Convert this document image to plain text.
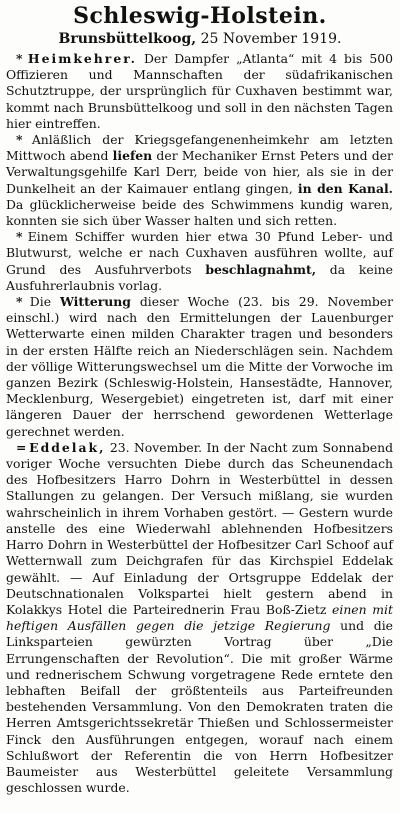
Schleswig-Holstein.
Brunsbüttelkoog, 25 November 1919.

* Heimkehrer. Der Dampfer „Atlanta“ mit 4 bis 500 Offizieren und Mannschaften der südafrikanischen Schutztruppe, der ursprünglich für Cuxhaven bestimmt war, kommt nach Brunsbüttelkoog und soll in den nächsten Tagen hier eintreffen.

* Anläßlich der Kriegsgefangenenheimkehr am letzten Mittwoch abend liefen der Mechaniker Ernst Peters und der Verwaltungsgehilfe Karl Derr, beide von hier, als sie in der Dunkelheit an der Kaimauer entlang gingen, in den Kanal. Da glücklicherweise beide des Schwimmens kundig waren, konnten sie sich über Wasser halten und sich retten.

* Einem Schiffer wurden hier etwa 30 Pfund Leber- und Blutwurst, welche er nach Cuxhaven ausführen wollte, auf Grund des Ausfuhrverbots beschlagnahmt, da keine Ausfuhrerlaubnis vorlag.

* Die Witterung dieser Woche (23. bis 29. November einschl.) wird nach den Ermittelungen der Lauenburger Wetterwarte einen milden Charakter tragen und besonders in der ersten Hälfte reich an Niederschlägen sein. Nachdem der völlige Witterungswechsel um die Mitte der Vorwoche im ganzen Bezirk (Schleswig-Holstein, Hansestädte, Hannover, Mecklenburg, Wesergebiet) eingetreten ist, darf mit einer längeren Dauer der herrschend gewordenen Wetterlage gerechnet werden.

= Eddelak, 23. November. In der Nacht zum Sonnabend voriger Woche versuchten Diebe durch das Scheunendach des Hofbesitzers Harro Dohrn in Westerbüttel in dessen Stallungen zu gelangen. Der Versuch mißlang, sie wurden wahrscheinlich in ihrem Vorhaben gestört. — Gestern wurde anstelle des eine Wiederwahl ablehnenden Hofbesitzers Harro Dohrn in Westerbüttel der Hofbesitzer Carl Schoof auf Wetternwall zum Deichgrafen für das Kirchspiel Eddelak gewählt. — Auf Einladung der Ortsgruppe Eddelak der Deutschnationalen Volkspartei hielt gestern abend in Kolakkys Hotel die Parteirednerin Frau Boß-Zietz einen mit heftigen Ausfällen gegen die jetzige Regierung und die Linksparteien gewürzten Vortrag über „Die Errungenschaften der Revolution“. Die mit großer Wärme und rednerischem Schwung vorgetragene Rede erntete den lebhaften Beifall der größtenteils aus Parteifreunden bestehenden Versammlung. Von den Demokraten traten die Herren Amtsgerichtssekretär Thießen und Schlossermeister Finck den Ausführungen entgegen, worauf nach einem Schlußwort der Referentin die von Herrn Hofbesitzer Baumeister aus Westerbüttel geleitete Versammlung geschlossen wurde.
